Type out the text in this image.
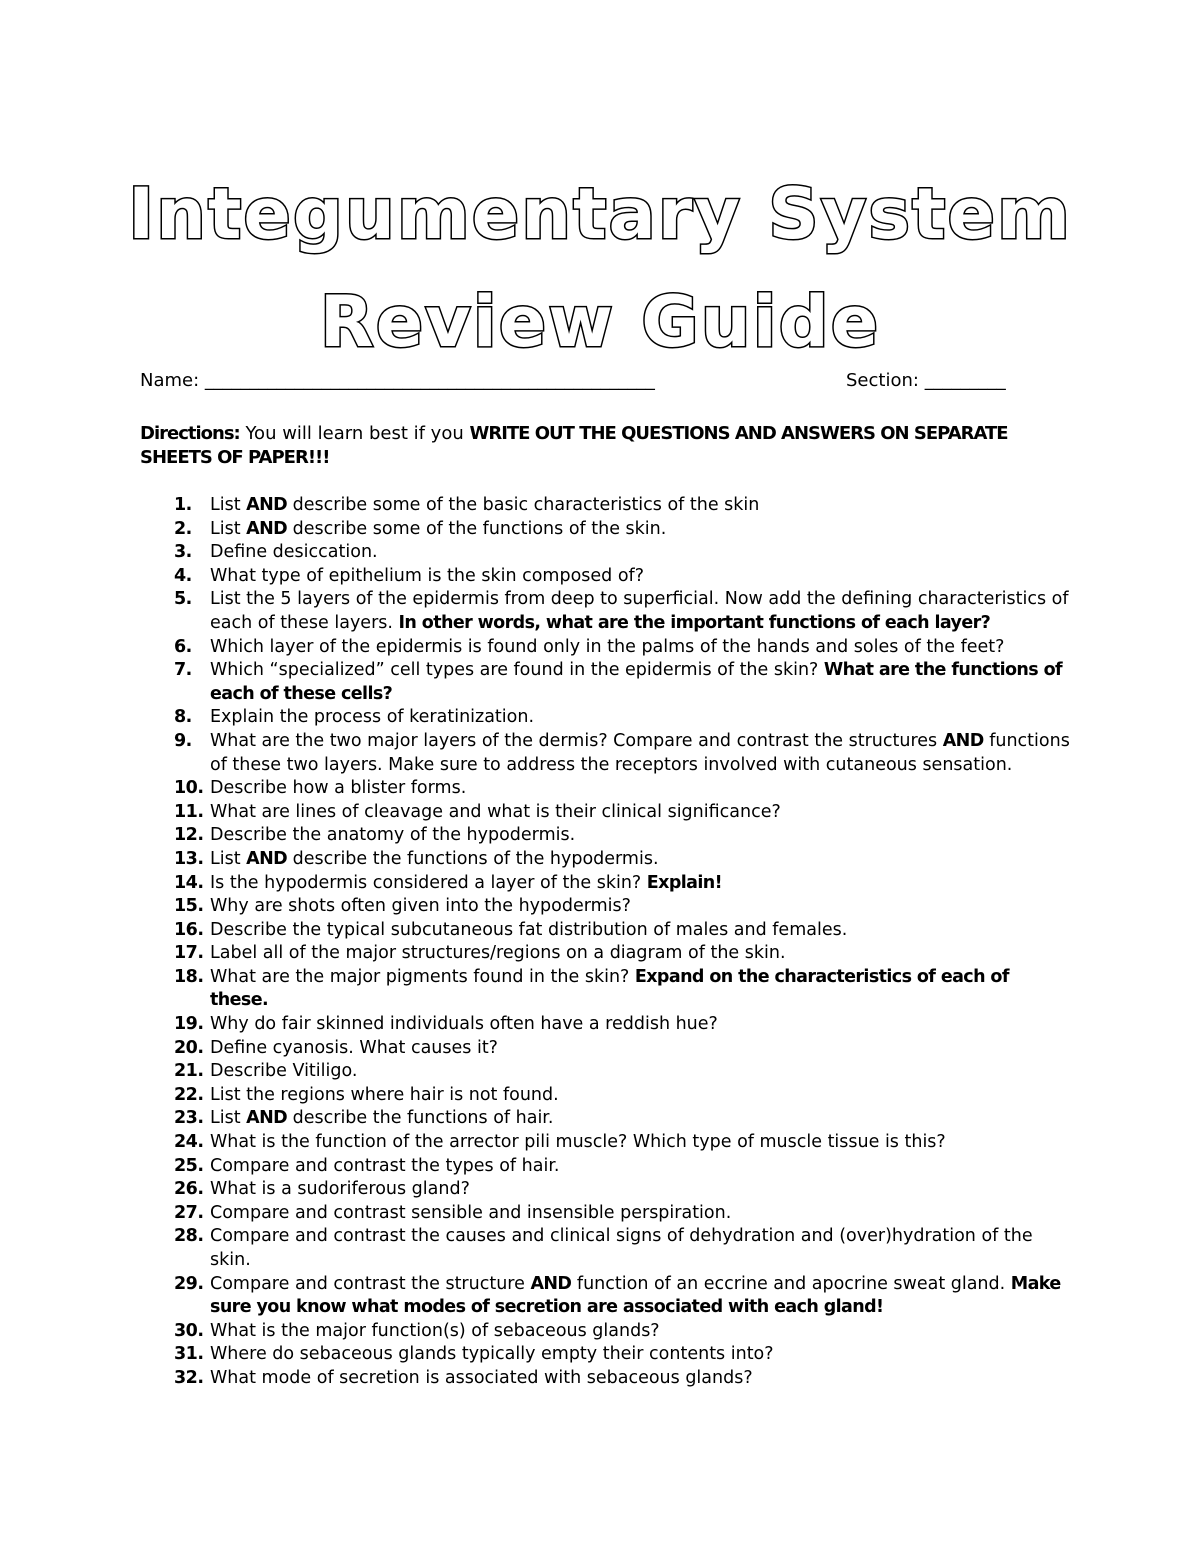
Integumentary System
Review Guide
Name: __________________________________________________	Section: _________
Directions: You will learn best if you WRITE OUT THE QUESTIONS AND ANSWERS ON SEPARATE SHEETS OF PAPER!!!
1. List AND describe some of the basic characteristics of the skin
2. List AND describe some of the functions of the skin.
3. Define desiccation.
4. What type of epithelium is the skin composed of?
5. List the 5 layers of the epidermis from deep to superficial. Now add the defining characteristics of each of these layers. In other words, what are the important functions of each layer?
6. Which layer of the epidermis is found only in the palms of the hands and soles of the feet?
7. Which “specialized” cell types are found in the epidermis of the skin? What are the functions of each of these cells?
8. Explain the process of keratinization.
9. What are the two major layers of the dermis? Compare and contrast the structures AND functions of these two layers. Make sure to address the receptors involved with cutaneous sensation.
10. Describe how a blister forms.
11. What are lines of cleavage and what is their clinical significance?
12. Describe the anatomy of the hypodermis.
13. List AND describe the functions of the hypodermis.
14. Is the hypodermis considered a layer of the skin? Explain!
15. Why are shots often given into the hypodermis?
16. Describe the typical subcutaneous fat distribution of males and females.
17. Label all of the major structures/regions on a diagram of the skin.
18. What are the major pigments found in the skin? Expand on the characteristics of each of these.
19. Why do fair skinned individuals often have a reddish hue?
20. Define cyanosis. What causes it?
21. Describe Vitiligo.
22. List the regions where hair is not found.
23. List AND describe the functions of hair.
24. What is the function of the arrector pili muscle? Which type of muscle tissue is this?
25. Compare and contrast the types of hair.
26. What is a sudoriferous gland?
27. Compare and contrast sensible and insensible perspiration.
28. Compare and contrast the causes and clinical signs of dehydration and (over)hydration of the skin.
29. Compare and contrast the structure AND function of an eccrine and apocrine sweat gland. Make sure you know what modes of secretion are associated with each gland!
30. What is the major function(s) of sebaceous glands?
31. Where do sebaceous glands typically empty their contents into?
32. What mode of secretion is associated with sebaceous glands?
